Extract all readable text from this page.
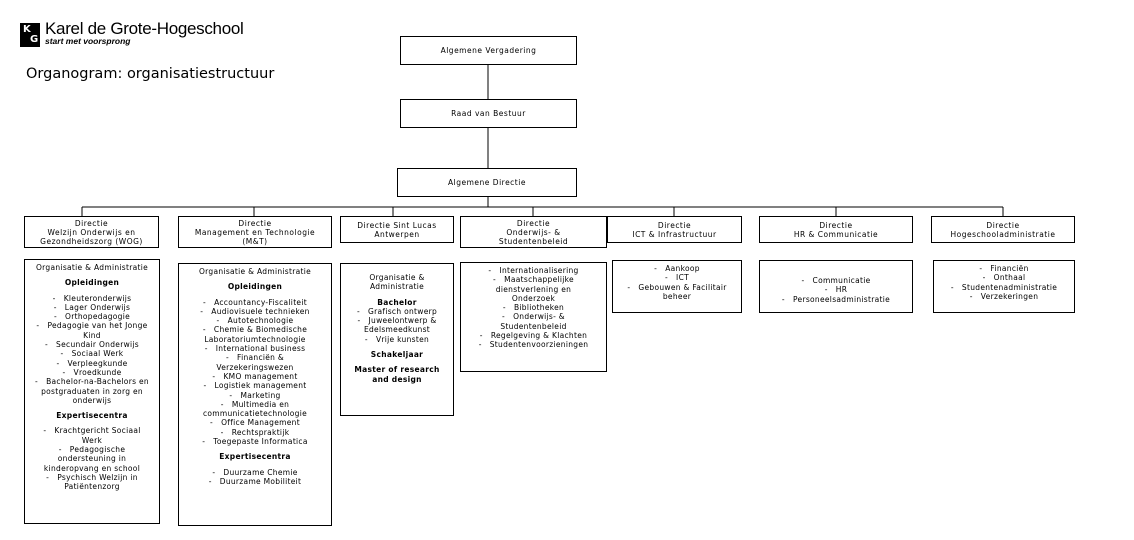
K
G
Karel de Grote-Hogeschool
start met voorsprong
Organogram: organisatiestructuur
Algemene Vergadering
Raad van Bestuur
Algemene Directie
Directie
Welzijn Onderwijs en
Gezondheidszorg (WOG)
Organisatie & Administratie
Opleidingen
-   Kleuteronderwijs
-   Lager Onderwijs
-   Orthopedagogie
-   Pedagogie van het Jonge
Kind
-   Secundair Onderwijs
-   Sociaal Werk
-   Verpleegkunde
-   Vroedkunde
-   Bachelor-na-Bachelors en
postgraduaten in zorg en
onderwijs
Expertisecentra
-   Krachtgericht Sociaal
Werk
-   Pedagogische
ondersteuning in
kinderopvang en school
-   Psychisch Welzijn in
Patiëntenzorg
Directie
Management en Technologie
(M&T)
Organisatie & Administratie
Opleidingen
-   Accountancy-Fiscaliteit
-   Audiovisuele technieken
-   Autotechnologie
-   Chemie & Biomedische
Laboratoriumtechnologie
-   International business
-   Financiën &
Verzekeringswezen
-   KMO management
-   Logistiek management
-   Marketing
-   Multimedia en
communicatietechnologie
-   Office Management
-   Rechtspraktijk
-   Toegepaste Informatica
Expertisecentra
-   Duurzame Chemie
-   Duurzame Mobiliteit
Directie Sint Lucas
Antwerpen
Organisatie &
Administratie
Bachelor
-   Grafisch ontwerp
-   Juweelontwerp &
Edelsmeedkunst
-   Vrije kunsten
Schakeljaar
Master of research
and design
Directie
Onderwijs- &
Studentenbeleid
-   Internationalisering
-   Maatschappelijke
dienstverlening en
Onderzoek
-   Bibliotheken
-   Onderwijs- &
Studentenbeleid
-   Regelgeving & Klachten
-   Studentenvoorzieningen
Directie
ICT & Infrastructuur
-   Aankoop
-   ICT
-   Gebouwen & Facilitair
beheer
Directie
HR & Communicatie
-   Communicatie
-   HR
-   Personeelsadministratie
Directie
Hogeschooladministratie
-   Financiën
-   Onthaal
-   Studentenadministratie
-   Verzekeringen
